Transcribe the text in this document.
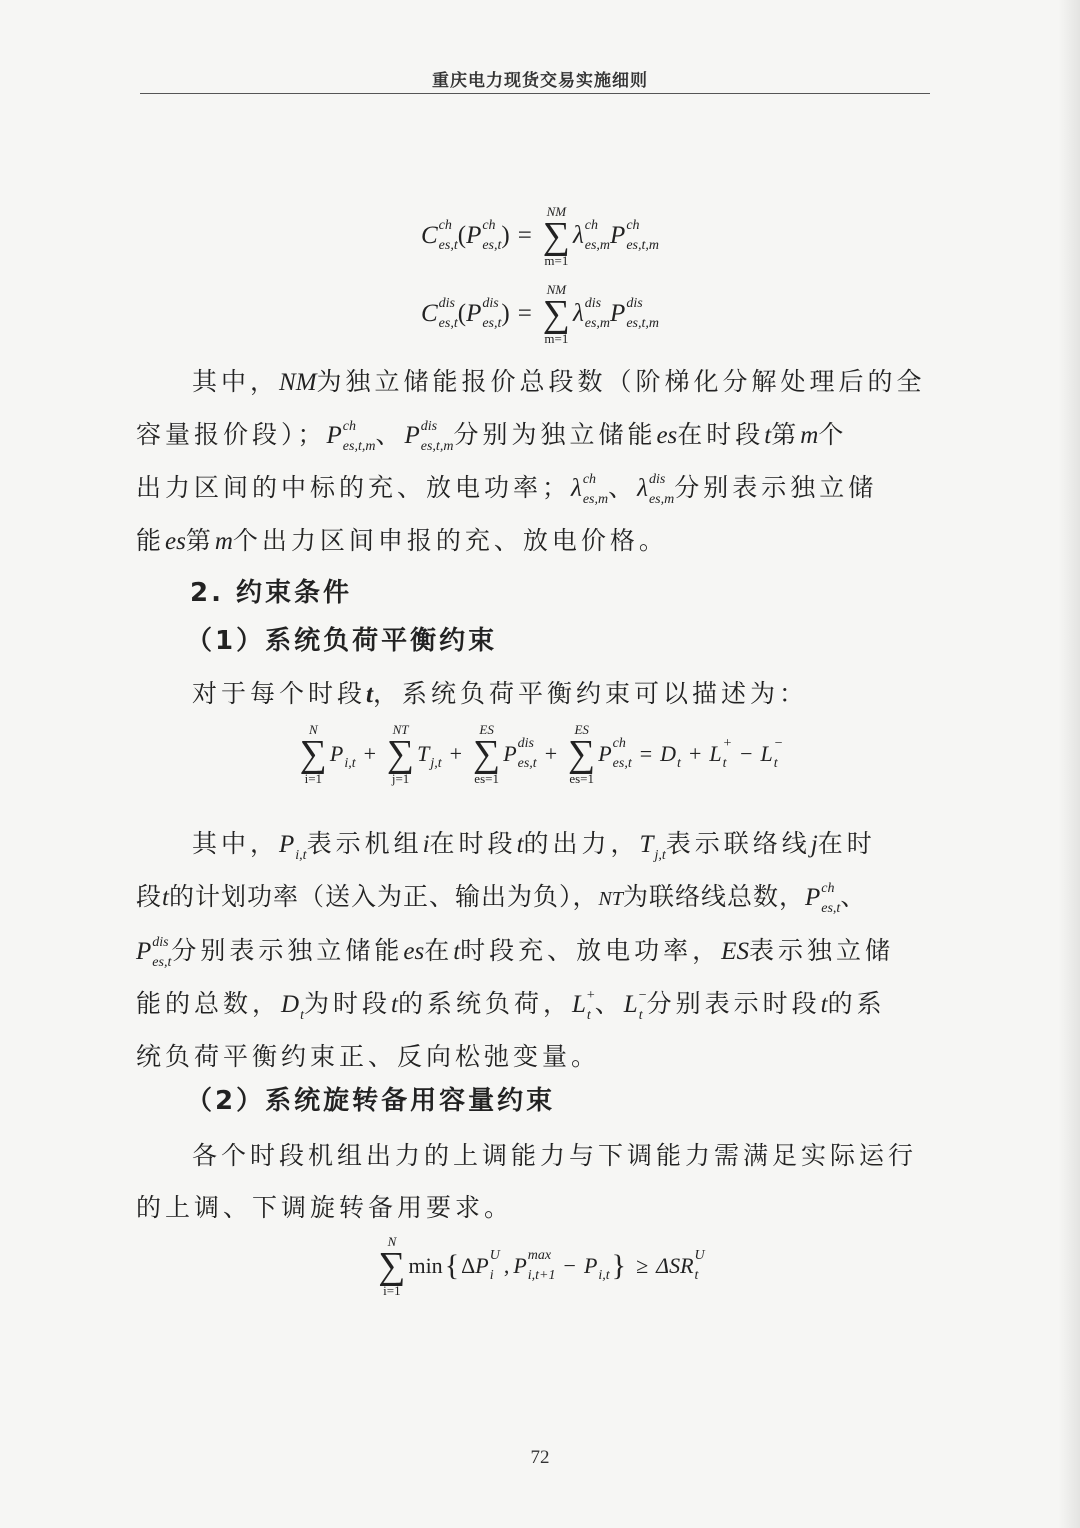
重庆电力现货交易实施细则
C ch
es,t ( P ch
es,t ) =
NM
∑
m=1
λ ch
es,m P ch
es,t,m
C dis
es,t ( P dis
es,t ) =
NM
∑
m=1
λ dis
es,m P dis
es,t,m
其中，NM为独立储能报价总段数（阶梯化分解处理后的全
容量报价段）；P ch
es,t,m 、P dis
es,t,m 分别为独立储能es在时段t第m个
出力区间的中标的充、放电功率；λ ch
es,m 、λ dis
es,m 分别表示独立储
能es第m个出力区间申报的充、放电价格。
2. 约束条件
（1）系统负荷平衡约束
对于每个时段t，系统负荷平衡约束可以描述为：
N
∑
i=1
P
i,t +
NT
∑
j=1
T
j,t +
ES
∑
es=1
P dis
es,t +
ES
∑
es=1
P ch
es,t = D
t + L +
t − L −
t
其中，P
i,t 表示机组i在时段t的出力，T
j,t 表示联络线j在时
段t的计划功率（送入为正、输出为负），NT为联络线总数，P ch
es,t 、
P dis
es,t 分别表示独立储能es在t时段充、放电功率，ES表示独立储
能的总数，D
t 为时段t的系统负荷，L +
t 、L −
t 分别表示时段t的系
统负荷平衡约束正、反向松弛变量。
（2）系统旋转备用容量约束
各个时段机组出力的上调能力与下调能力需满足实际运行
的上调、下调旋转备用要求。
N
∑
i=1
min { Δ P U
i , P max
i,t+1 − P
i,t } ≥ ΔSR U
t
72
